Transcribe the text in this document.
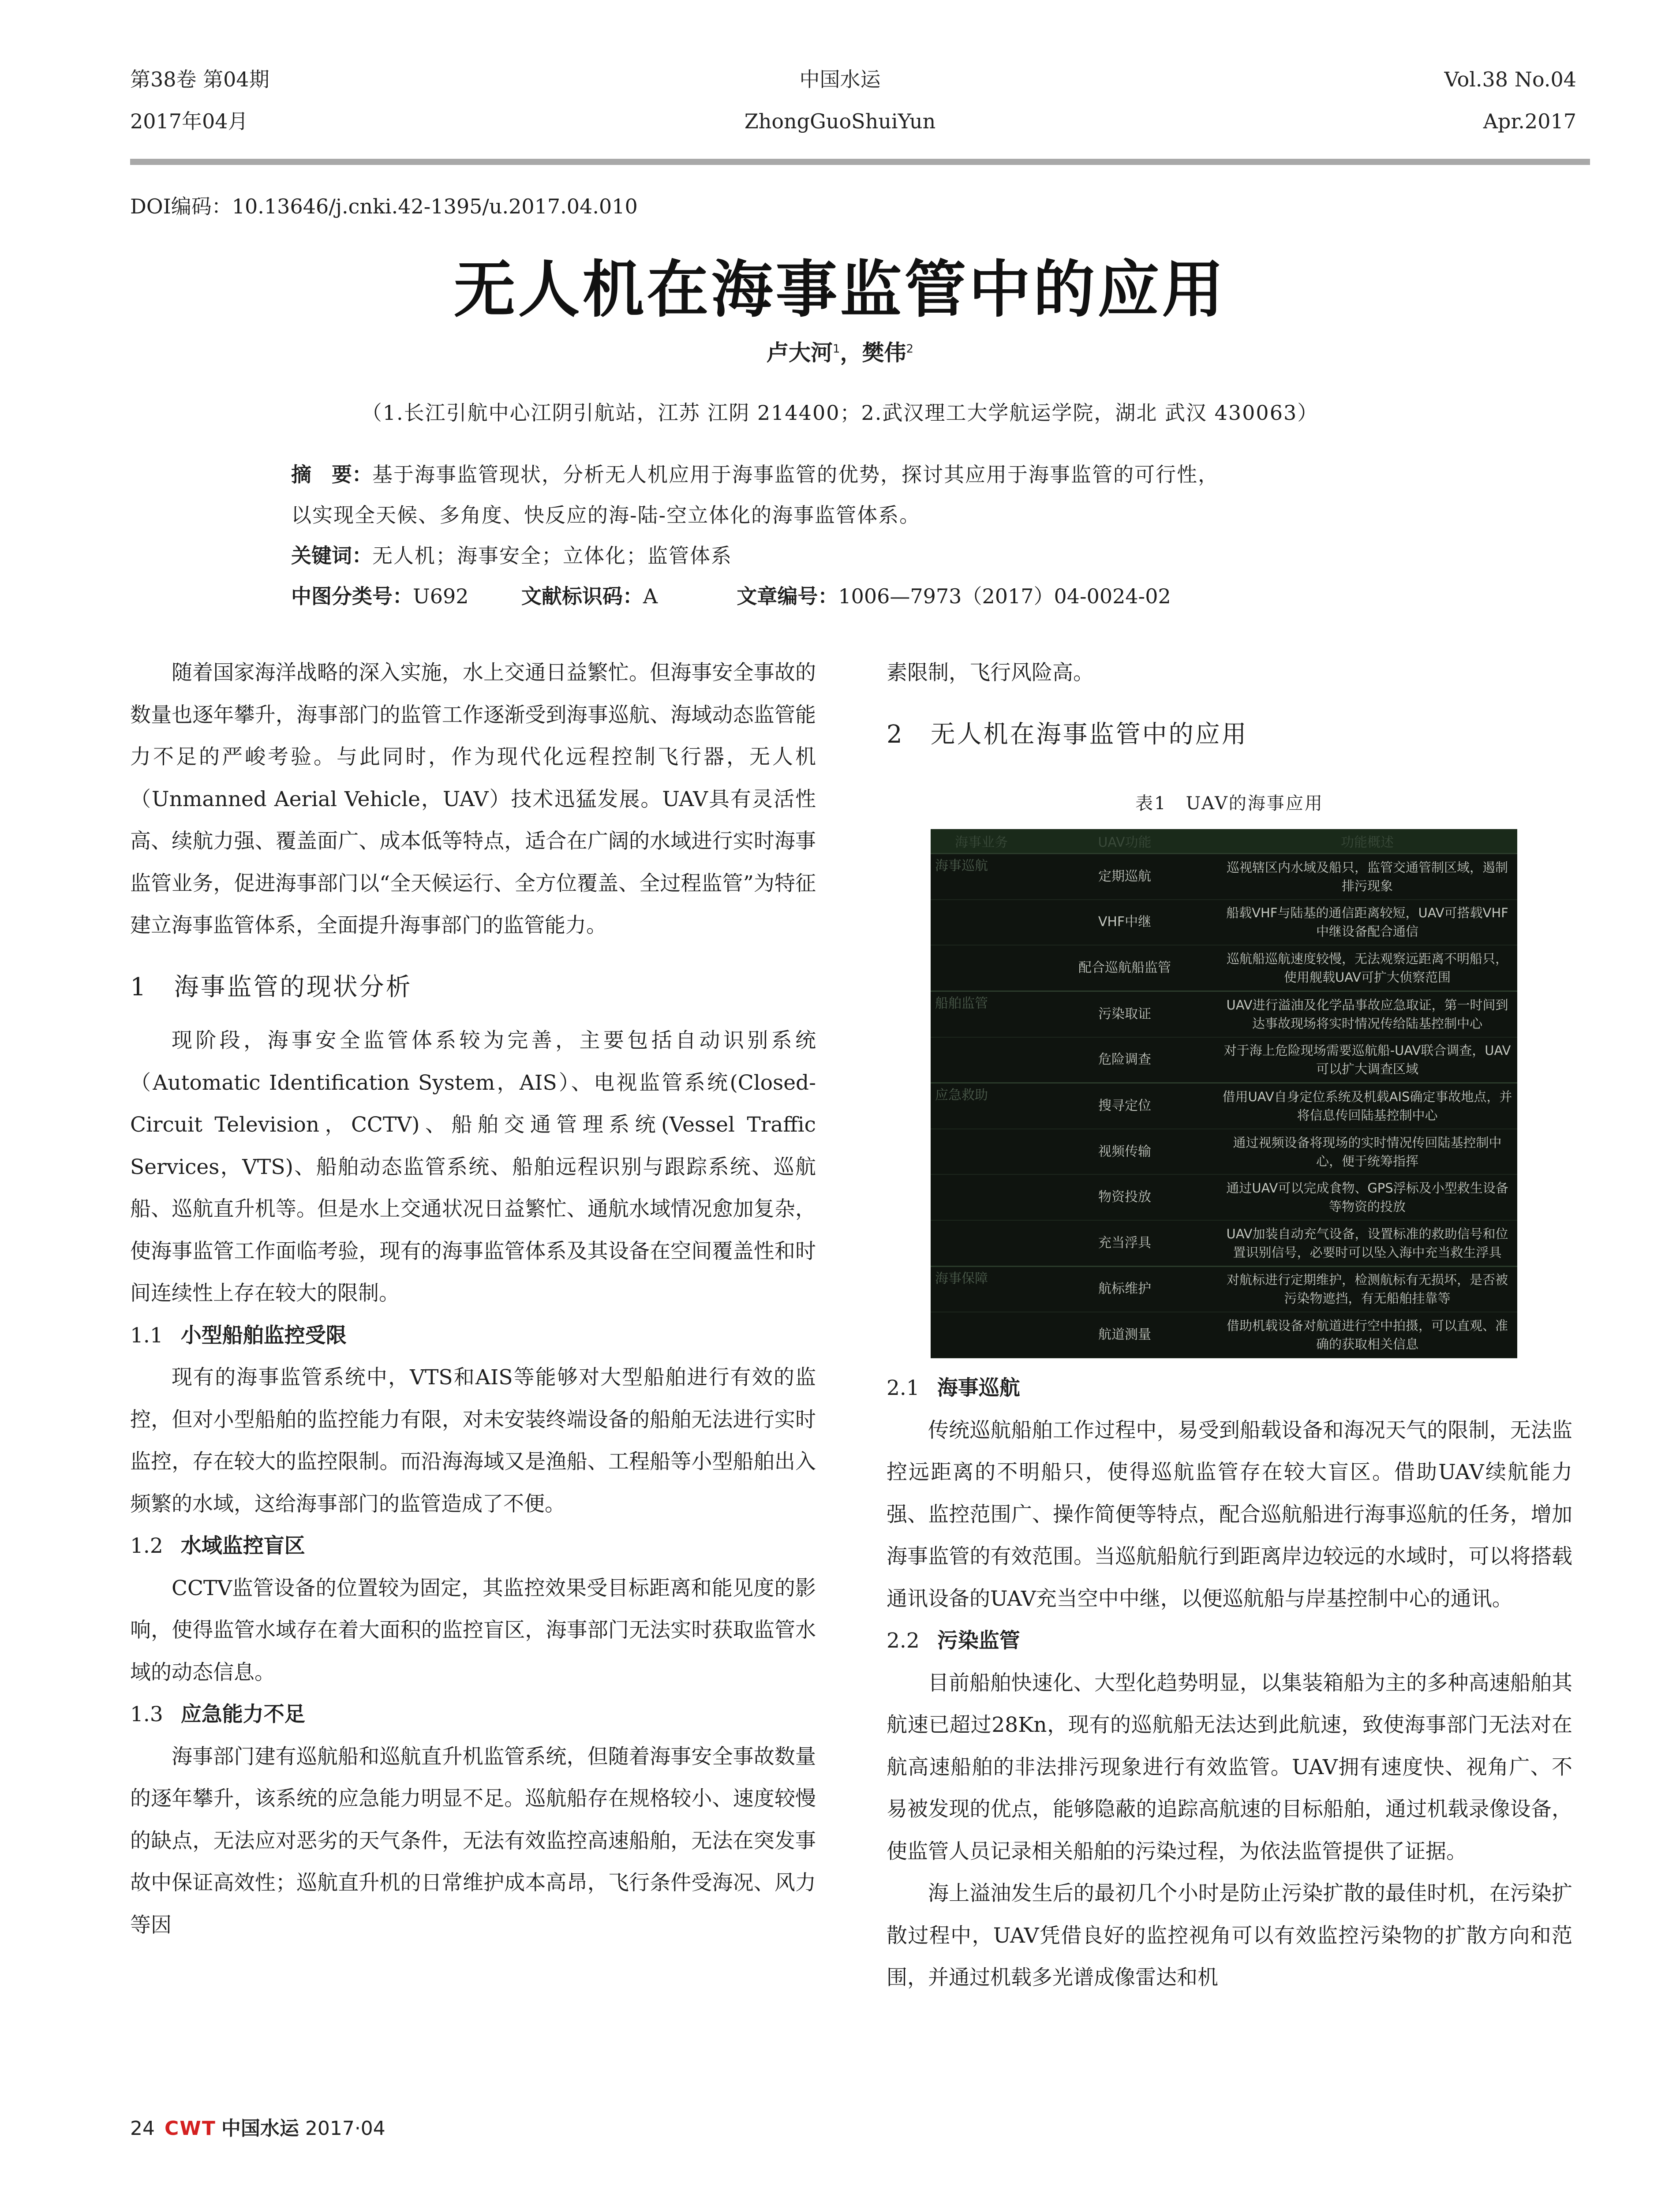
第38卷 第04期
2017年04月
中国水运
ZhongGuoShuiYun
Vol.38 No.04
Apr.2017
DOI编码：10.13646/j.cnki.42-1395/u.2017.04.010
无人机在海事监管中的应用
卢大河$^1$，樊伟$^2$
（1.长江引航中心江阴引航站，江苏 江阴 214400；2.武汉理工大学航运学院，湖北 武汉 430063）
摘　要：基于海事监管现状，分析无人机应用于海事监管的优势，探讨其应用于海事监管的可行性，
以实现全天候、多角度、快反应的海-陆-空立体化的海事监管体系。
关键词：无人机；海事安全；立体化；监管体系
中图分类号：U692	文献标识码：A	文章编号：1006—7973（2017）04-0024-02

随着国家海洋战略的深入实施，水上交通日益繁忙。但海事安全事故的数量也逐年攀升，海事部门的监管工作逐渐受到海事巡航、海域动态监管能力不足的严峻考验。与此同时，作为现代化远程控制飞行器，无人机（Unmanned Aerial Vehicle，UAV）技术迅猛发展。UAV具有灵活性高、续航力强、覆盖面广、成本低等特点，适合在广阔的水域进行实时海事监管业务，促进海事部门以“全天候运行、全方位覆盖、全过程监管”为特征建立海事监管体系，全面提升海事部门的监管能力。

1　海事监管的现状分析

现阶段，海事安全监管体系较为完善，主要包括自动识别系统（Automatic Identification System，AIS）、电视监管系统(Closed-Circuit Television，CCTV)、船舶交通管理系统(Vessel Traffic Services，VTS)、船舶动态监管系统、船舶远程识别与跟踪系统、巡航船、巡航直升机等。但是水上交通状况日益繁忙、通航水域情况愈加复杂，使海事监管工作面临考验，现有的海事监管体系及其设备在空间覆盖性和时间连续性上存在较大的限制。

1.1 小型船舶监控受限

现有的海事监管系统中，VTS和AIS等能够对大型船舶进行有效的监控，但对小型船舶的监控能力有限，对未安装终端设备的船舶无法进行实时监控，存在较大的监控限制。而沿海海域又是渔船、工程船等小型船舶出入频繁的水域，这给海事部门的监管造成了不便。

1.2 水域监控盲区

CCTV监管设备的位置较为固定，其监控效果受目标距离和能见度的影响，使得监管水域存在着大面积的监控盲区，海事部门无法实时获取监管水域的动态信息。

1.3 应急能力不足

海事部门建有巡航船和巡航直升机监管系统，但随着海事安全事故数量的逐年攀升，该系统的应急能力明显不足。巡航船存在规格较小、速度较慢的缺点，无法应对恶劣的天气条件，无法有效监控高速船舶，无法在突发事故中保证高效性；巡航直升机的日常维护成本高昂，飞行条件受海况、风力等因

素限制，飞行风险高。

2　无人机在海事监管中的应用
表1　UAV的海事应用
海事业务	UAV功能	功能概述
海事巡航	定期巡航	巡视辖区内水域及船只，监管交通管制区域，遏制排污现象
	VHF中继	船载VHF与陆基的通信距离较短，UAV可搭载VHF中继设备配合通信
	配合巡航船监管	巡航船巡航速度较慢，无法观察远距离不明船只，使用舰载UAV可扩大侦察范围
船舶监管	污染取证	UAV进行溢油及化学品事故应急取证，第一时间到达事故现场将实时情况传给陆基控制中心
	危险调查	对于海上危险现场需要巡航船-UAV联合调查，UAV可以扩大调查区域
应急救助	搜寻定位	借用UAV自身定位系统及机载AIS确定事故地点，并将信息传回陆基控制中心
	视频传输	通过视频设备将现场的实时情况传回陆基控制中心，便于统筹指挥
	物资投放	通过UAV可以完成食物、GPS浮标及小型救生设备等物资的投放
	充当浮具	UAV加装自动充气设备，设置标准的救助信号和位置识别信号，必要时可以坠入海中充当救生浮具
海事保障	航标维护	对航标进行定期维护，检测航标有无损坏，是否被污染物遮挡，有无船舶挂靠等
	航道测量	借助机载设备对航道进行空中拍摄，可以直观、准确的获取相关信息
2.1 海事巡航

传统巡航船舶工作过程中，易受到船载设备和海况天气的限制，无法监控远距离的不明船只，使得巡航监管存在较大盲区。借助UAV续航能力强、监控范围广、操作简便等特点，配合巡航船进行海事巡航的任务，增加海事监管的有效范围。当巡航船航行到距离岸边较远的水域时，可以将搭载通讯设备的UAV充当空中中继，以便巡航船与岸基控制中心的通讯。

2.2 污染监管

目前船舶快速化、大型化趋势明显，以集装箱船为主的多种高速船舶其航速已超过28Kn，现有的巡航船无法达到此航速，致使海事部门无法对在航高速船舶的非法排污现象进行有效监管。UAV拥有速度快、视角广、不易被发现的优点，能够隐蔽的追踪高航速的目标船舶，通过机载录像设备，使监管人员记录相关船舶的污染过程，为依法监管提供了证据。

海上溢油发生后的最初几个小时是防止污染扩散的最佳时机，在污染扩散过程中，UAV凭借良好的监控视角可以有效监控污染物的扩散方向和范围，并通过机载多光谱成像雷达和机

24 CWT 中国水运 2017·04
